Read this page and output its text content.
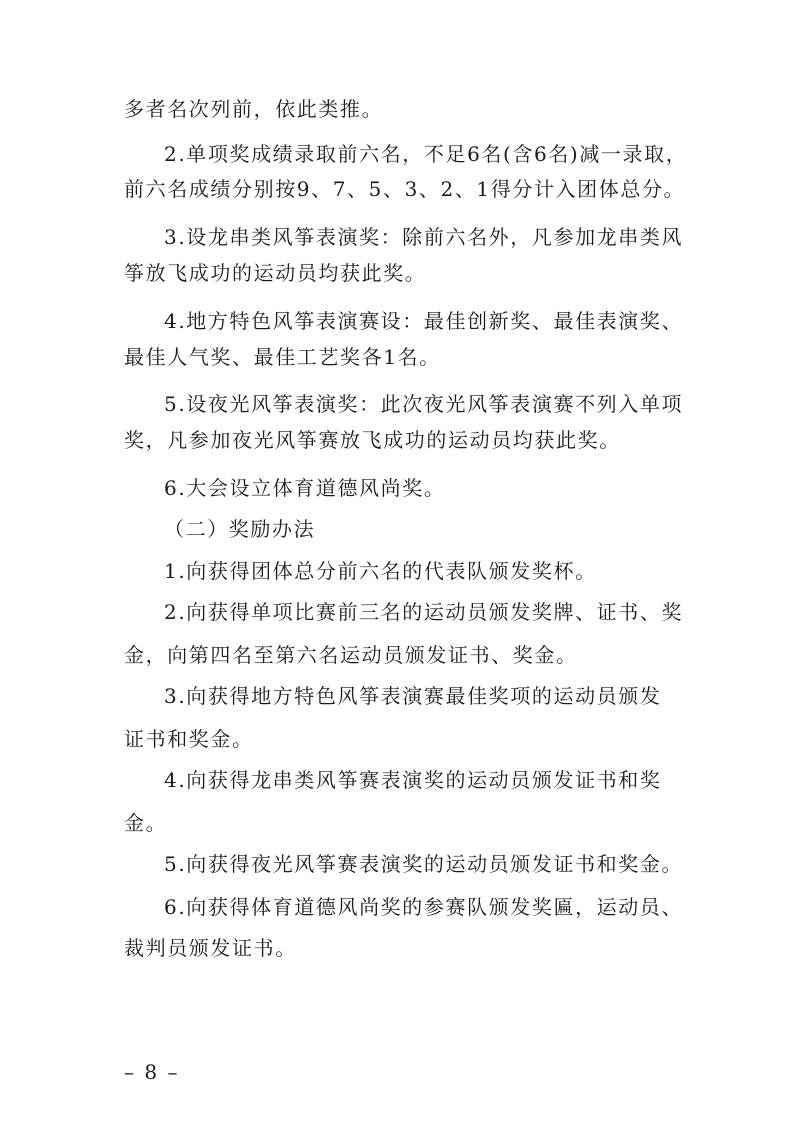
多者名次列前，依此类推。
2.单项奖成绩录取前六名，不足6名(含6名)减一录取，
前六名成绩分别按9、7、5、3、2、1得分计入团体总分。
3.设龙串类风筝表演奖：除前六名外，凡参加龙串类风
筝放飞成功的运动员均获此奖。
4.地方特色风筝表演赛设：最佳创新奖、最佳表演奖、
最佳人气奖、最佳工艺奖各1名。
5.设夜光风筝表演奖：此次夜光风筝表演赛不列入单项
奖，凡参加夜光风筝赛放飞成功的运动员均获此奖。
6.大会设立体育道德风尚奖。
（二）奖励办法
1.向获得团体总分前六名的代表队颁发奖杯。
2.向获得单项比赛前三名的运动员颁发奖牌、证书、奖
金，向第四名至第六名运动员颁发证书、奖金。
3.向获得地方特色风筝表演赛最佳奖项的运动员颁发
证书和奖金。
4.向获得龙串类风筝赛表演奖的运动员颁发证书和奖
金。
5.向获得夜光风筝赛表演奖的运动员颁发证书和奖金。
6.向获得体育道德风尚奖的参赛队颁发奖匾，运动员、
裁判员颁发证书。
– 8 –
